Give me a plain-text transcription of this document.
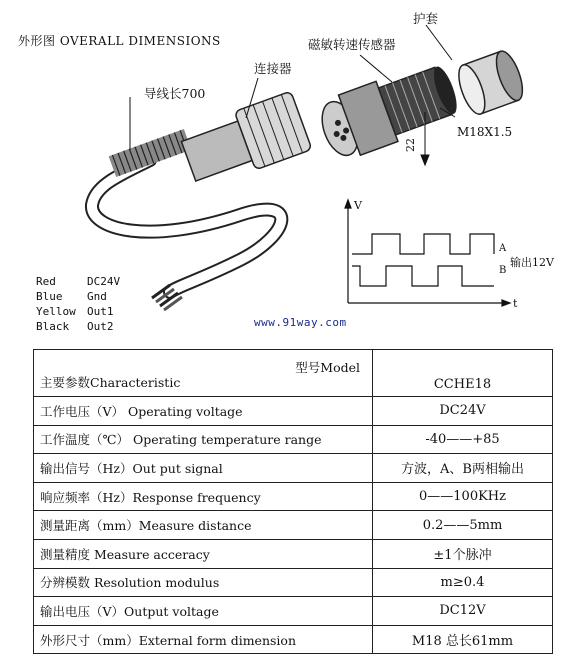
外形图 OVERALL DIMENSIONS
护套
磁敏转速传感器
连接器
导线长700
M18X1.5
22
V
t
A
B
输出12V
Red	DC24V
Blue	Gnd
Yellow	Out1
Black	Out2	www.91way.com
型号Model
主要参数Characteristic	CCHE18
工作电压（V） Operating voltage	DC24V
工作温度（℃） Operating temperature range	-40——+85
输出信号（Hz）Out put signal	方波，A、B两相输出
响应频率（Hz）Response frequency	0——100KHz
测量距离（mm）Measure distance	0.2——5mm
测量精度 Measure acceracy	±1个脉冲
分辨模数 Resolution modulus	m≥0.4
输出电压（V）Output voltage	DC12V
外形尺寸（mm）External form dimension	M18 总长61mm
